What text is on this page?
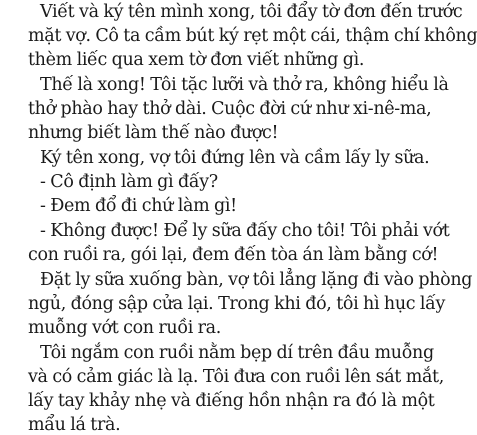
Viết và ký tên mình xong, tôi đẩy tờ đơn đến trước
mặt vợ. Cô ta cầm bút ký rẹt một cái, thậm chí không
thèm liếc qua xem tờ đơn viết những gì.
Thế là xong! Tôi tặc lưỡi và thở ra, không hiểu là
thở phào hay thở dài. Cuộc đời cứ như xi-nê-ma,
nhưng biết làm thế nào được!
Ký tên xong, vợ tôi đứng lên và cầm lấy ly sữa.
- Cô định làm gì đấy?
- Đem đổ đi chứ làm gì!
- Không được! Để ly sữa đấy cho tôi! Tôi phải vớt
con ruồi ra, gói lại, đem đến tòa án làm bằng cớ!
Đặt ly sữa xuống bàn, vợ tôi lẳng lặng đi vào phòng
ngủ, đóng sập cửa lại. Trong khi đó, tôi hì hục lấy
muỗng vớt con ruồi ra.
Tôi ngắm con ruồi nằm bẹp dí trên đầu muỗng
và có cảm giác là lạ. Tôi đưa con ruồi lên sát mắt,
lấy tay khảy nhẹ và điếng hồn nhận ra đó là một
mẩu lá trà.
